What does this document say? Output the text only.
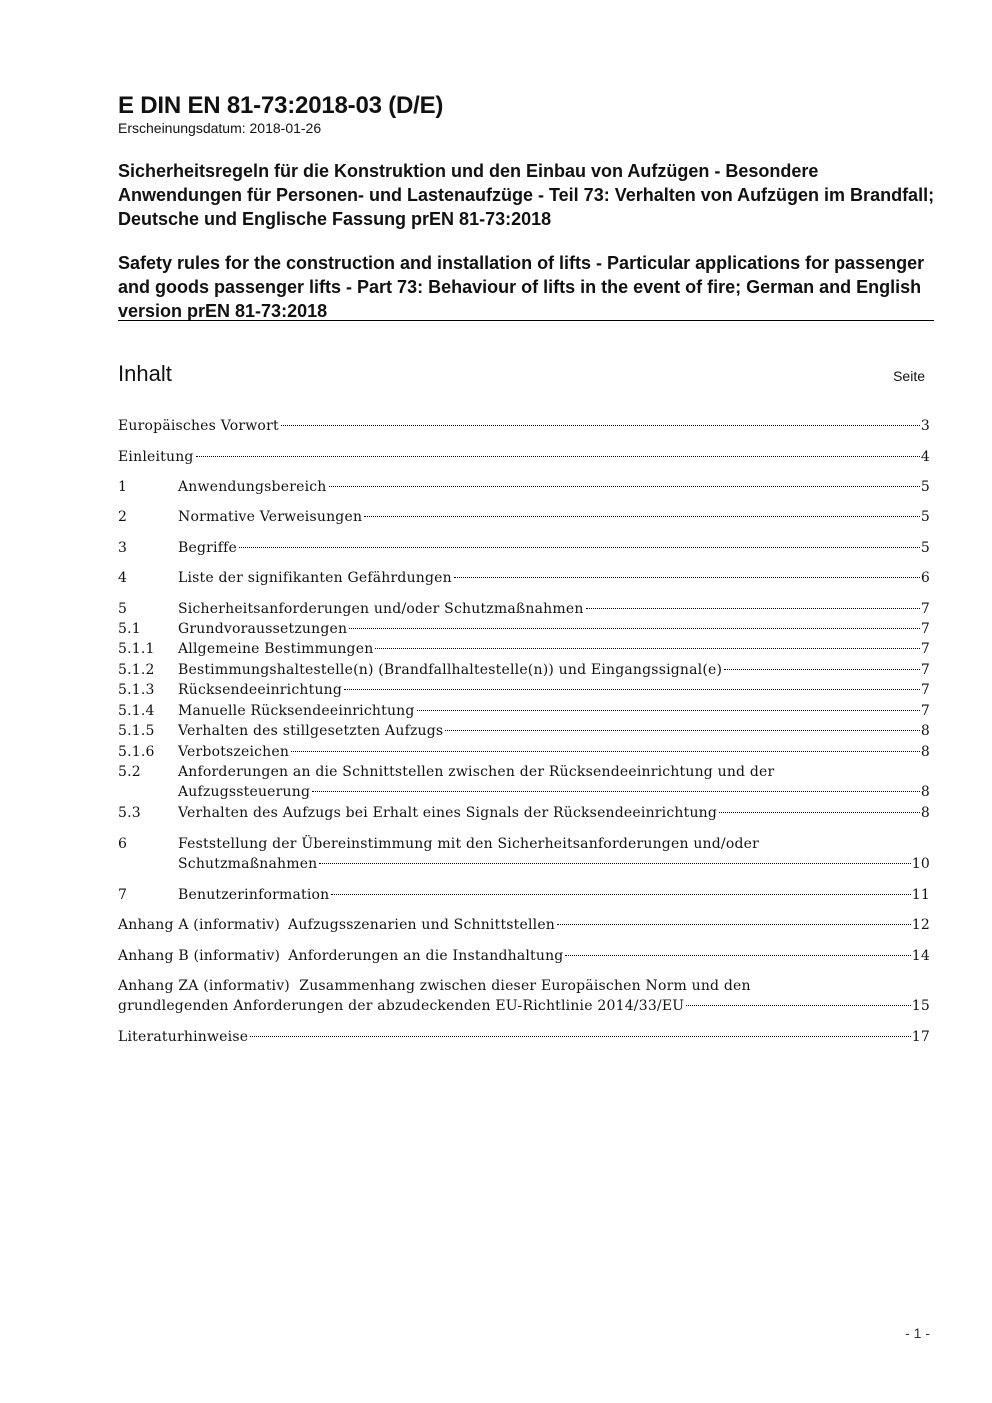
E DIN EN 81-73:2018-03 (D/E)
Erscheinungsdatum: 2018-01-26
Sicherheitsregeln für die Konstruktion und den Einbau von Aufzügen - Besondere Anwendungen für Personen- und Lastenaufzüge - Teil 73: Verhalten von Aufzügen im Brandfall; Deutsche und Englische Fassung prEN 81-73:2018
Safety rules for the construction and installation of lifts - Particular applications for passenger and goods passenger lifts - Part 73: Behaviour of lifts in the event of fire; German and English version prEN 81-73:2018
Inhalt	Seite
Europäisches Vorwort	3
Einleitung	4
1	Anwendungsbereich	5
2	Normative Verweisungen	5
3	Begriffe	5
4	Liste der signifikanten Gefährdungen	6
5	Sicherheitsanforderungen und/oder Schutzmaßnahmen	7
5.1	Grundvoraussetzungen	7
5.1.1	Allgemeine Bestimmungen	7
5.1.2	Bestimmungshaltestelle(n) (Brandfallhaltestelle(n)) und Eingangssignal(e)	7
5.1.3	Rücksendeeinrichtung	7
5.1.4	Manuelle Rücksendeeinrichtung	7
5.1.5	Verhalten des stillgesetzten Aufzugs	8
5.1.6	Verbotszeichen	8
5.2	Anforderungen an die Schnittstellen zwischen der Rücksendeeinrichtung und der
Aufzugssteuerung	8
5.3	Verhalten des Aufzugs bei Erhalt eines Signals der Rücksendeeinrichtung	8
6	Feststellung der Übereinstimmung mit den Sicherheitsanforderungen und/oder
Schutzmaßnahmen	10
7	Benutzerinformation	11
Anhang A (informativ) Aufzugsszenarien und Schnittstellen	12
Anhang B (informativ) Anforderungen an die Instandhaltung	14
Anhang ZA (informativ) Zusammenhang zwischen dieser Europäischen Norm und den
grundlegenden Anforderungen der abzudeckenden EU-Richtlinie 2014/33/EU	15
Literaturhinweise	17
- 1 -
